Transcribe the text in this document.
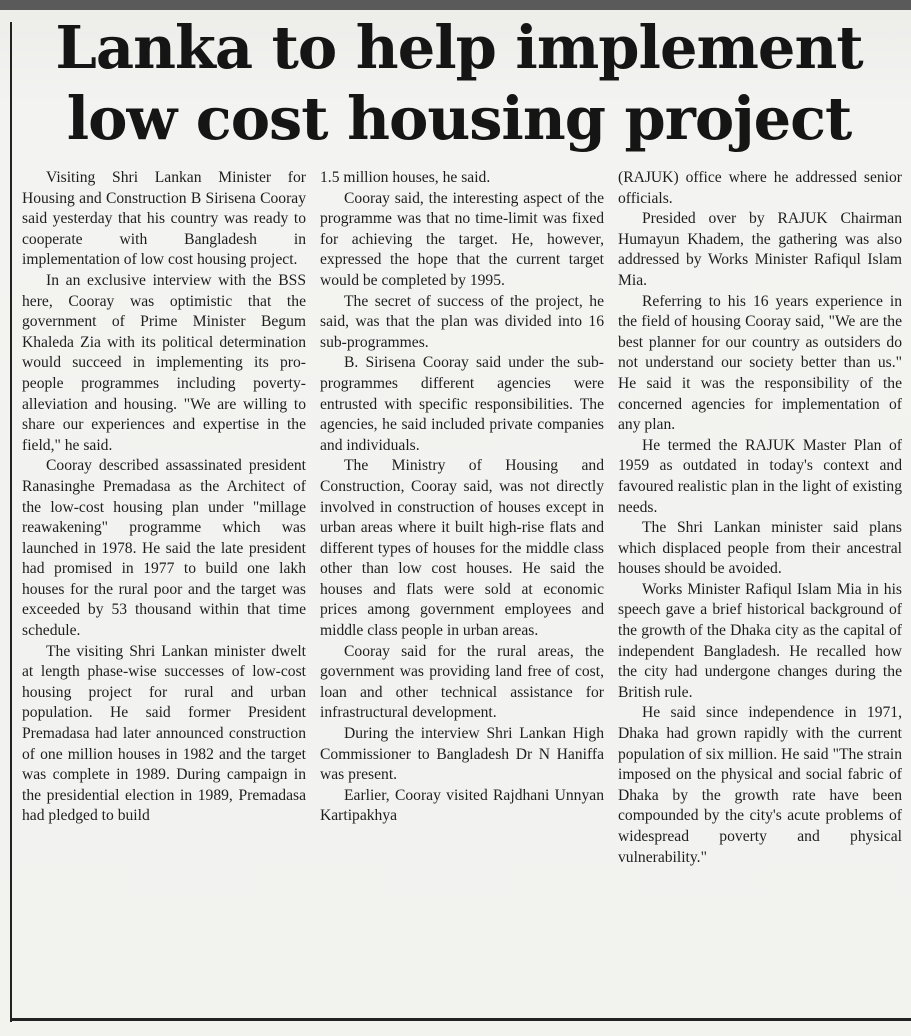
Lanka to help implement
low cost housing project

Visiting Shri Lankan Minister for Housing and Construction B Sirisena Cooray said yesterday that his country was ready to cooperate with Bangladesh in implementation of low cost housing project.

In an exclusive interview with the BSS here, Cooray was optimistic that the government of Prime Minister Begum Khaleda Zia with its political determination would succeed in implementing its pro-people programmes including poverty-alleviation and housing. "We are willing to share our experiences and expertise in the field," he said.

Cooray described assassinated president Ranasinghe Premadasa as the Architect of the low-cost housing plan under "millage reawakening" programme which was launched in 1978. He said the late president had promised in 1977 to build one lakh houses for the rural poor and the target was exceeded by 53 thousand within that time schedule.

The visiting Shri Lankan minister dwelt at length phase-wise successes of low-cost housing project for rural and urban population. He said former President Premadasa had later announced construction of one million houses in 1982 and the target was complete in 1989. During campaign in the presidential election in 1989, Premadasa had pledged to build

1.5 million houses, he said.

Cooray said, the interesting aspect of the programme was that no time-limit was fixed for achieving the target. He, however, expressed the hope that the current target would be completed by 1995.

The secret of success of the project, he said, was that the plan was divided into 16 sub-programmes.

B. Sirisena Cooray said under the sub-programmes different agencies were entrusted with specific responsibilities. The agencies, he said included private companies and individuals.

The Ministry of Housing and Construction, Cooray said, was not directly involved in construction of houses except in urban areas where it built high-rise flats and different types of houses for the middle class other than low cost houses. He said the houses and flats were sold at economic prices among government employees and middle class people in urban areas.

Cooray said for the rural areas, the government was providing land free of cost, loan and other technical assistance for infrastructural development.

During the interview Shri Lankan High Commissioner to Bangladesh Dr N Haniffa was present.

Earlier, Cooray visited Rajdhani Unnyan Kartipakhya

(RAJUK) office where he addressed senior officials.

Presided over by RAJUK Chairman Humayun Khadem, the gathering was also addressed by Works Minister Rafiqul Islam Mia.

Referring to his 16 years experience in the field of housing Cooray said, "We are the best planner for our country as outsiders do not understand our society better than us." He said it was the responsibility of the concerned agencies for implementation of any plan.

He termed the RAJUK Master Plan of 1959 as outdated in today's context and favoured realistic plan in the light of existing needs.

The Shri Lankan minister said plans which displaced people from their ancestral houses should be avoided.

Works Minister Rafiqul Islam Mia in his speech gave a brief historical background of the growth of the Dhaka city as the capital of independent Bangladesh. He recalled how the city had undergone changes during the British rule.

He said since independence in 1971, Dhaka had grown rapidly with the current population of six million. He said "The strain imposed on the physical and social fabric of Dhaka by the growth rate have been compounded by the city's acute problems of widespread poverty and physical vulnerability."
